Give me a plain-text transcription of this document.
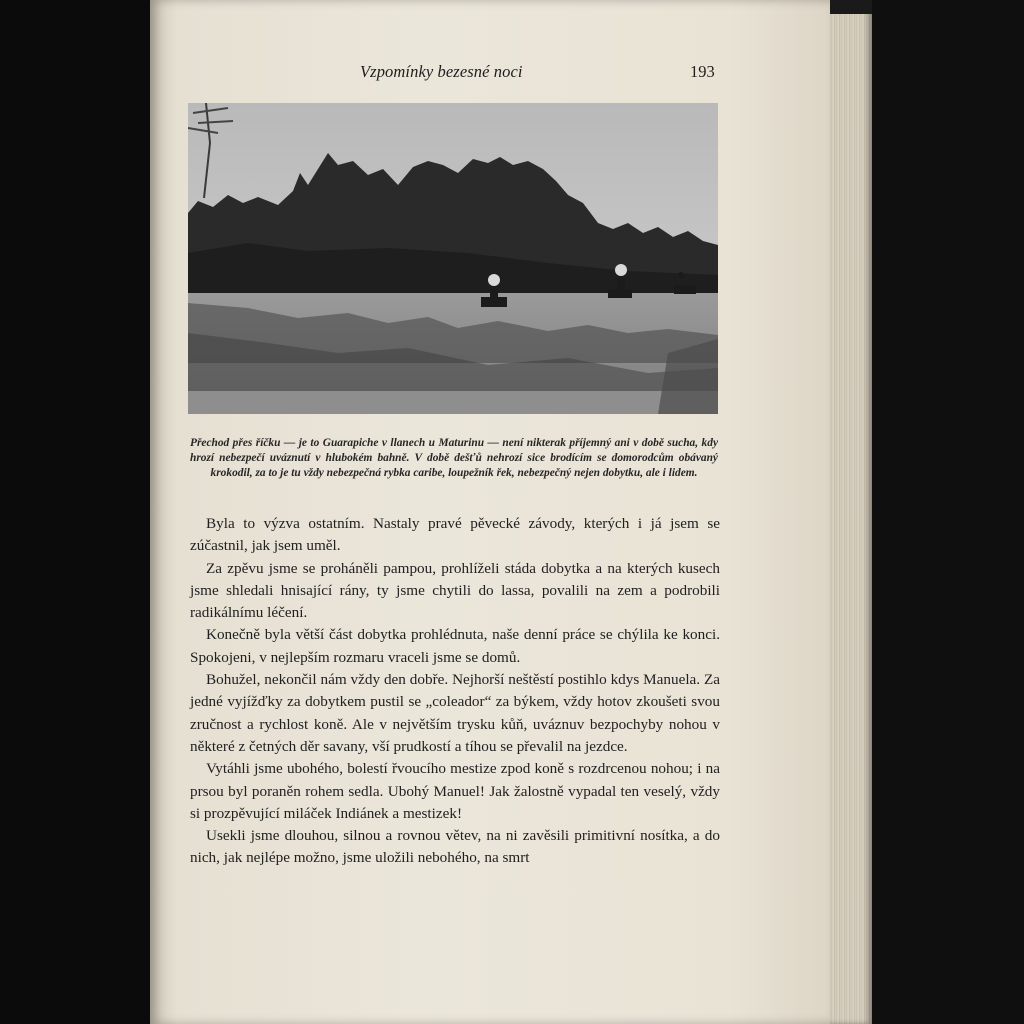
Vzpomínky bezesné noci	193
Přechod přes říčku — je to Guarapiche v llanech u Maturinu — není nikterak příjemný ani v době sucha, kdy hrozí nebezpečí uváznutí v hlubokém bahně. V době dešťů nehrozí sice brodícím se domorodcům obávaný krokodil, za to je tu vždy nebezpečná rybka caribe, loupežník řek, nebezpečný nejen dobytku, ale i lidem.

Byla to výzva ostatním. Nastaly pravé pěvecké závody, kterých i já jsem se zúčastnil, jak jsem uměl.

Za zpěvu jsme se proháněli pampou, prohlíželi stáda dobytka a na kterých kusech jsme shledali hnisající rány, ty jsme chytili do lassa, povalili na zem a podrobili radikálnímu léčení.

Konečně byla větší část dobytka prohlédnuta, naše denní práce se chýlila ke konci. Spokojeni, v nejlepším rozmaru vraceli jsme se domů.

Bohužel, nekončil nám vždy den dobře. Nejhorší neštěstí postihlo kdys Manuela. Za jedné vyjížďky za dobytkem pustil se „coleador“ za býkem, vždy hotov zkoušeti svou zručnost a rychlost koně. Ale v největším trysku kůň, uváznuv bezpochyby nohou v některé z četných děr savany, vší prudkostí a tíhou se převalil na jezdce.

Vytáhli jsme ubohého, bolestí řvoucího mestize zpod koně s rozdrcenou nohou; i na prsou byl poraněn rohem sedla. Ubohý Manuel! Jak žalostně vypadal ten veselý, vždy si prozpěvující miláček Indiánek a mestizek!

Usekli jsme dlouhou, silnou a rovnou větev, na ni zavěsili primitivní nosítka, a do nich, jak nejlépe možno, jsme uložili nebohého, na smrt
